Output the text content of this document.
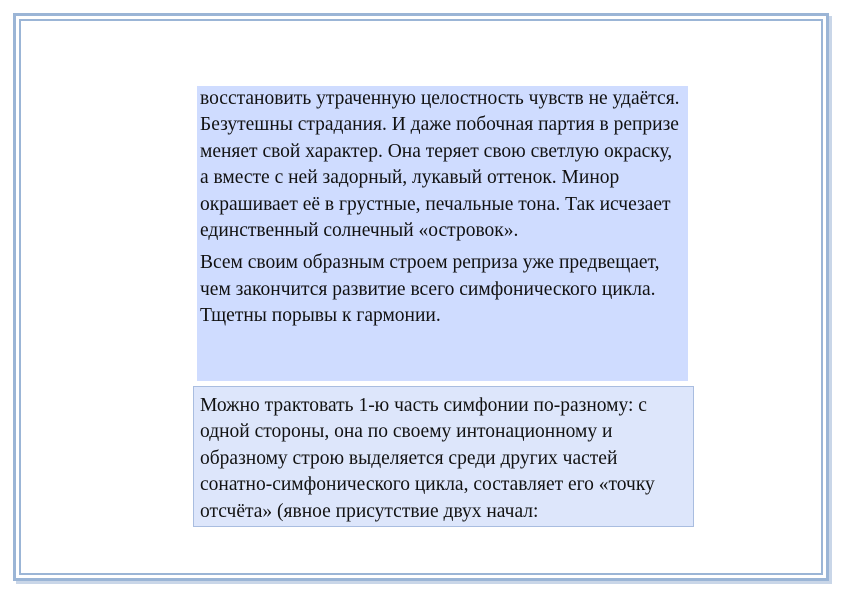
восстановить утраченную целостность чувств не удаётся. Безутешны страдания. И даже побочная партия в репризе меняет свой характер. Она теряет свою светлую окраску, а вместе с ней задорный, лукавый оттенок. Минор окрашивает её в грустные, печальные тона. Так исчезает единственный солнечный «островок».

Всем своим образным строем реприза уже предвещает, чем закончится развитие всего симфонического цикла. Тщетны порывы к гармонии.

Можно трактовать 1-ю часть симфонии по-разному: с одной стороны, она по своему интонационному и образному строю выделяется среди других частей сонатно-симфонического цикла, составляет его «точку отсчёта» (явное присутствие двух начал:
